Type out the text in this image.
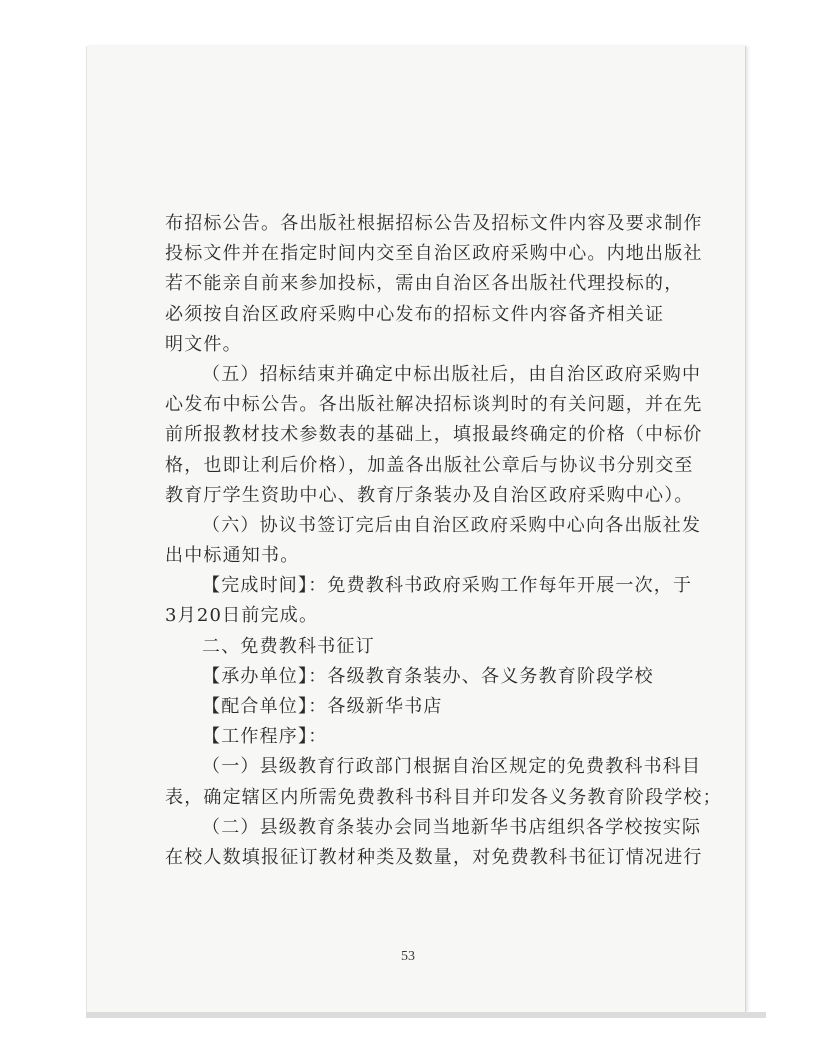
布招标公告。各出版社根据招标公告及招标文件内容及要求制作
投标文件并在指定时间内交至自治区政府采购中心。内地出版社
若不能亲自前来参加投标，需由自治区各出版社代理投标的，
必须按自治区政府采购中心发布的招标文件内容备齐相关证
明文件。
（五）招标结束并确定中标出版社后，由自治区政府采购中
心发布中标公告。各出版社解决招标谈判时的有关问题，并在先
前所报教材技术参数表的基础上，填报最终确定的价格（中标价
格，也即让利后价格），加盖各出版社公章后与协议书分别交至
教育厅学生资助中心、教育厅条装办及自治区政府采购中心）。
（六）协议书签订完后由自治区政府采购中心向各出版社发
出中标通知书。
【完成时间】：免费教科书政府采购工作每年开展一次，于
3月20日前完成。
二、免费教科书征订
【承办单位】：各级教育条装办、各义务教育阶段学校
【配合单位】：各级新华书店
【工作程序】：
（一）县级教育行政部门根据自治区规定的免费教科书科目
表，确定辖区内所需免费教科书科目并印发各义务教育阶段学校；
（二）县级教育条装办会同当地新华书店组织各学校按实际
在校人数填报征订教材种类及数量，对免费教科书征订情况进行
53
